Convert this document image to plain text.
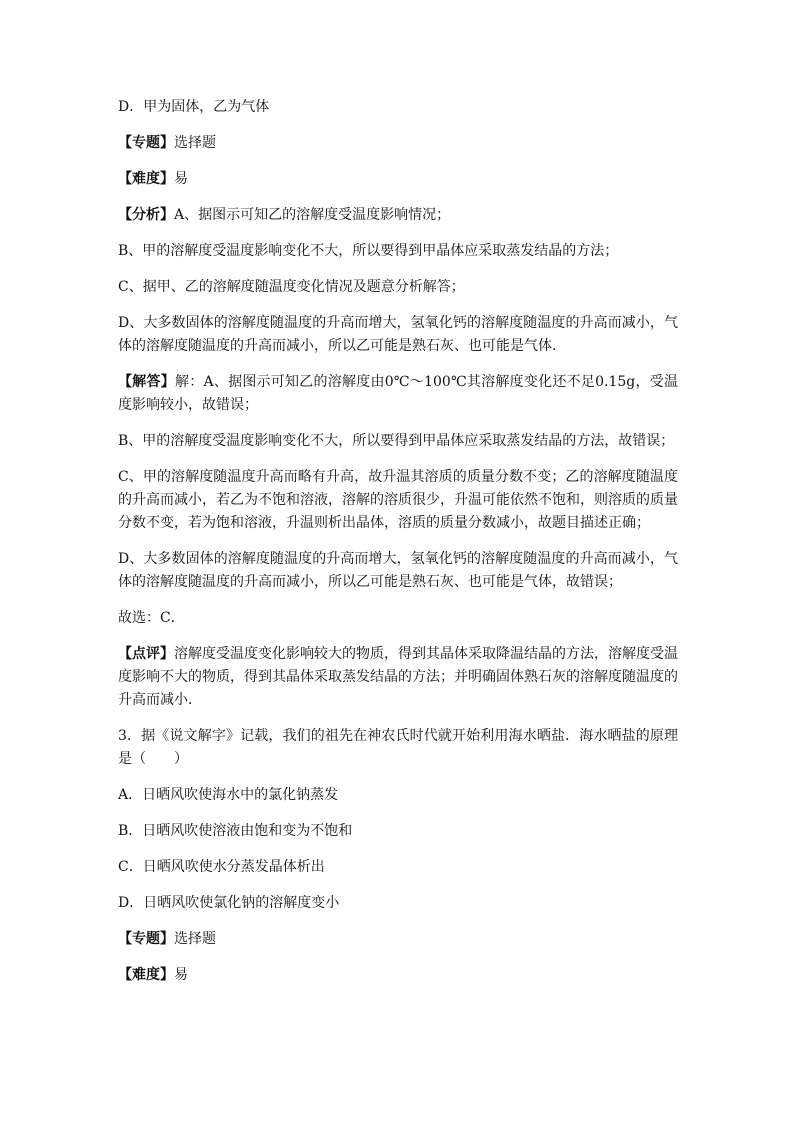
D．甲为固体，乙为气体

【专题】选择题

【难度】易

【分析】A、据图示可知乙的溶解度受温度影响情况；

B、甲的溶解度受温度影响变化不大，所以要得到甲晶体应采取蒸发结晶的方法；

C、据甲、乙的溶解度随温度变化情况及题意分析解答；

D、大多数固体的溶解度随温度的升高而增大，氢氧化钙的溶解度随温度的升高而减小，气体的溶解度随温度的升高而减小，所以乙可能是熟石灰、也可能是气体．

【解答】解：A、据图示可知乙的溶解度由0℃～100℃其溶解度变化还不足0.15g，受温度影响较小，故错误；

B、甲的溶解度受温度影响变化不大，所以要得到甲晶体应采取蒸发结晶的方法，故错误；

C、甲的溶解度随温度升高而略有升高，故升温其溶质的质量分数不变；乙的溶解度随温度的升高而减小，若乙为不饱和溶液，溶解的溶质很少，升温可能依然不饱和，则溶质的质量分数不变，若为饱和溶液，升温则析出晶体，溶质的质量分数减小，故题目描述正确；

D、大多数固体的溶解度随温度的升高而增大，氢氧化钙的溶解度随温度的升高而减小，气体的溶解度随温度的升高而减小，所以乙可能是熟石灰、也可能是气体，故错误；

故选：C．

【点评】溶解度受温度变化影响较大的物质，得到其晶体采取降温结晶的方法，溶解度受温度影响不大的物质，得到其晶体采取蒸发结晶的方法；并明确固体熟石灰的溶解度随温度的升高而减小．

3．据《说文解字》记载，我们的祖先在神农氏时代就开始利用海水晒盐．海水晒盐的原理是（　　）

A．日晒风吹使海水中的氯化钠蒸发

B．日晒风吹使溶液由饱和变为不饱和

C．日晒风吹使水分蒸发晶体析出

D．日晒风吹使氯化钠的溶解度变小

【专题】选择题

【难度】易
